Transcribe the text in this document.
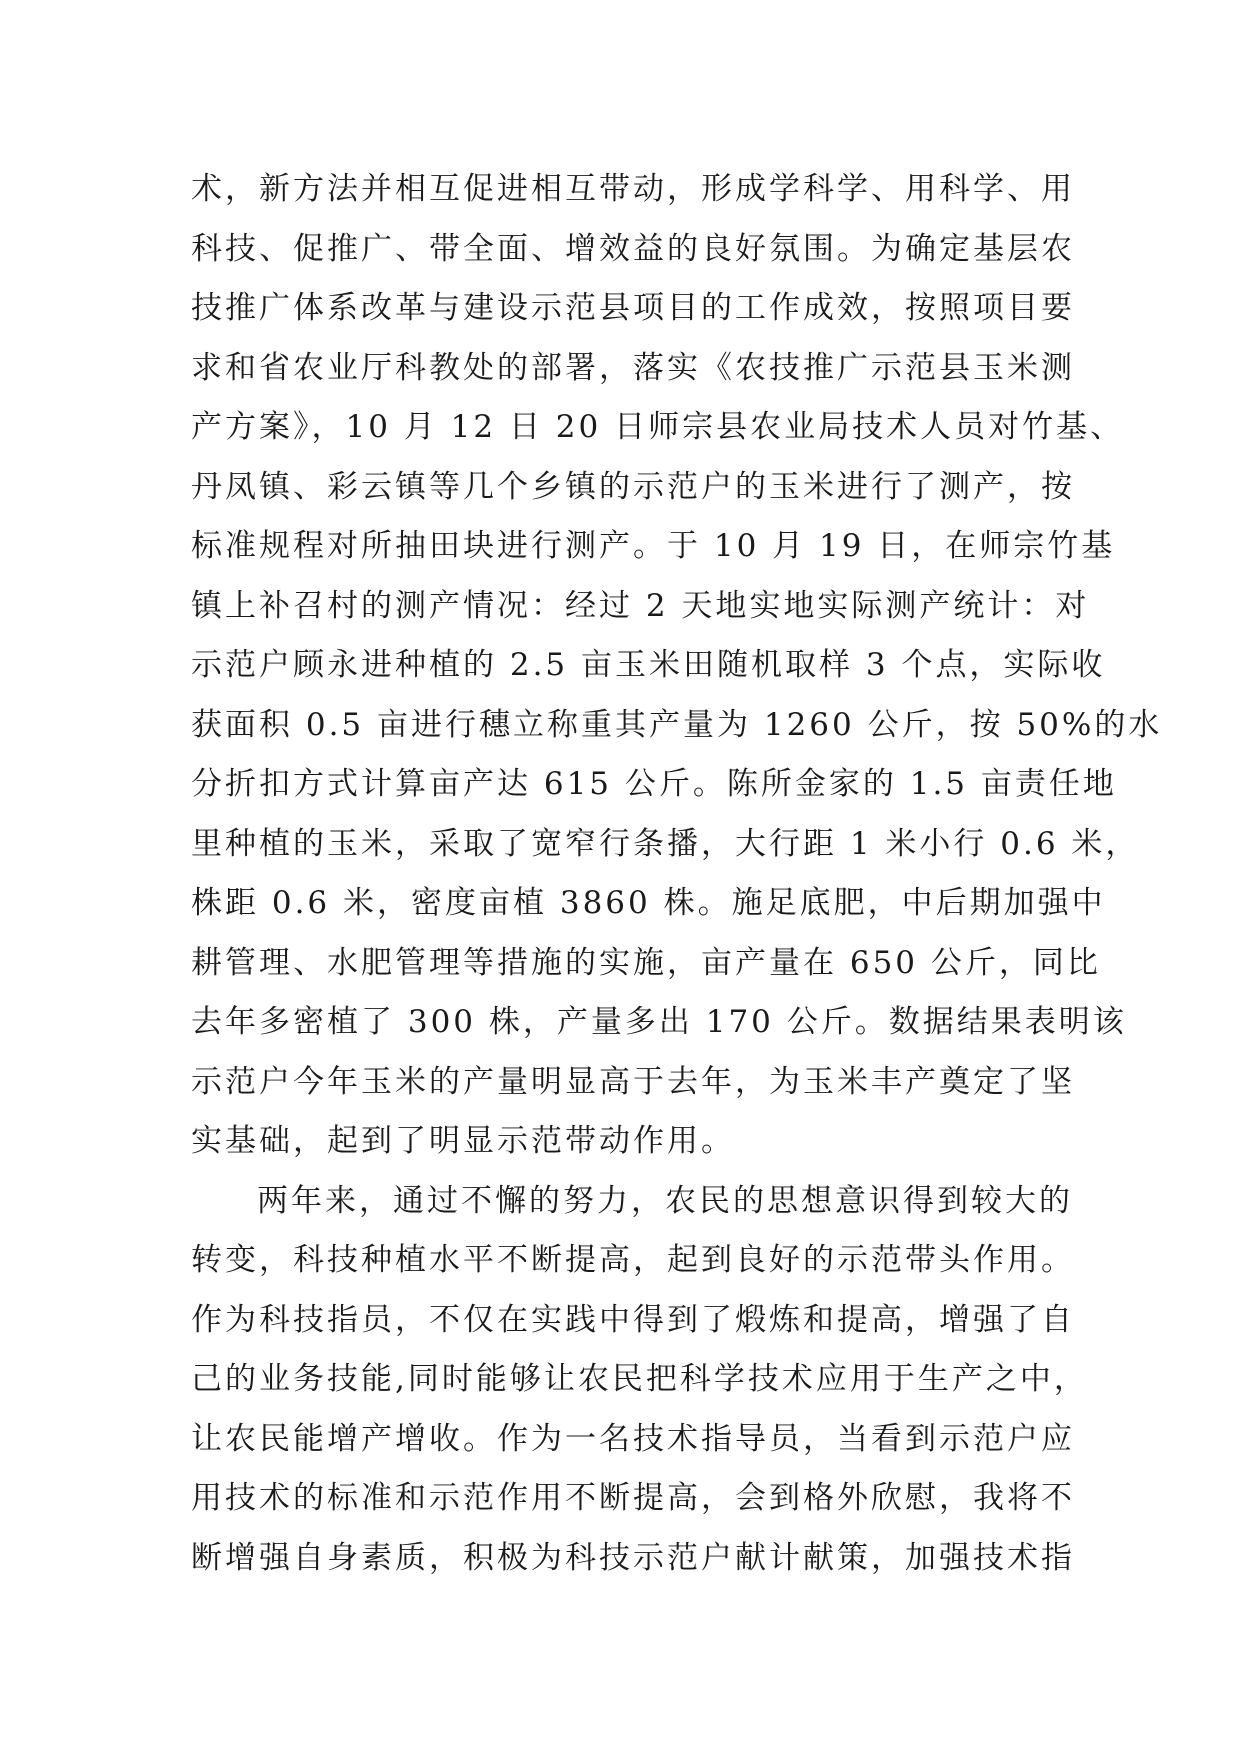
术，新方法并相互促进相互带动，形成学科学、用科学、用
科技、促推广、带全面、增效益的良好氛围。为确定基层农
技推广体系改革与建设示范县项目的工作成效，按照项目要
求和省农业厅科教处的部署，落实《农技推广示范县玉米测
产方案》，10 月 12 日 20 日师宗县农业局技术人员对竹基、
丹凤镇、彩云镇等几个乡镇的示范户的玉米进行了测产，按
标准规程对所抽田块进行测产。于 10 月 19 日，在师宗竹基
镇上补召村的测产情况：经过 2 天地实地实际测产统计：对
示范户顾永进种植的 2.5 亩玉米田随机取样 3 个点，实际收
获面积 0.5 亩进行穗立称重其产量为 1260 公斤，按 50%的水
分折扣方式计算亩产达 615 公斤。陈所金家的 1.5 亩责任地
里种植的玉米，采取了宽窄行条播，大行距 1 米小行 0.6 米，
株距 0.6 米，密度亩植 3860 株。施足底肥，中后期加强中
耕管理、水肥管理等措施的实施，亩产量在 650 公斤，同比
去年多密植了 300 株，产量多出 170 公斤。数据结果表明该
示范户今年玉米的产量明显高于去年，为玉米丰产奠定了坚
实基础，起到了明显示范带动作用。
两年来，通过不懈的努力，农民的思想意识得到较大的
转变，科技种植水平不断提高，起到良好的示范带头作用。
作为科技指员，不仅在实践中得到了煅炼和提高，增强了自
己的业务技能,同时能够让农民把科学技术应用于生产之中，
让农民能增产增收。作为一名技术指导员，当看到示范户应
用技术的标准和示范作用不断提高，会到格外欣慰，我将不
断增强自身素质，积极为科技示范户献计献策，加强技术指
